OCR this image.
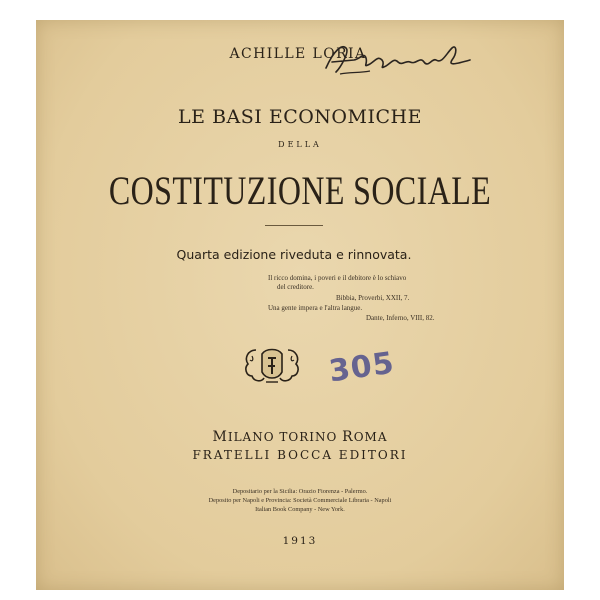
ACHILLE LORIA
LE BASI ECONOMICHE
DELLA
COSTITUZIONE SOCIALE
Quarta edizione riveduta e rinnovata.
Il ricco domina, i poveri e il debitore è lo schiavo
del creditore.
Bibbia, Proverbi, XXII, 7.
Una gente impera e l'altra langue.
Dante, Inferno, VIII, 82.
305
MILANO TORINO ROMA
FRATELLI BOCCA EDITORI
Depositario per la Sicilia: Orazio Fiorenza - Palermo.
Deposito per Napoli e Provincia: Società Commerciale Libraria - Napoli
Italian Book Company - New York.
1913
